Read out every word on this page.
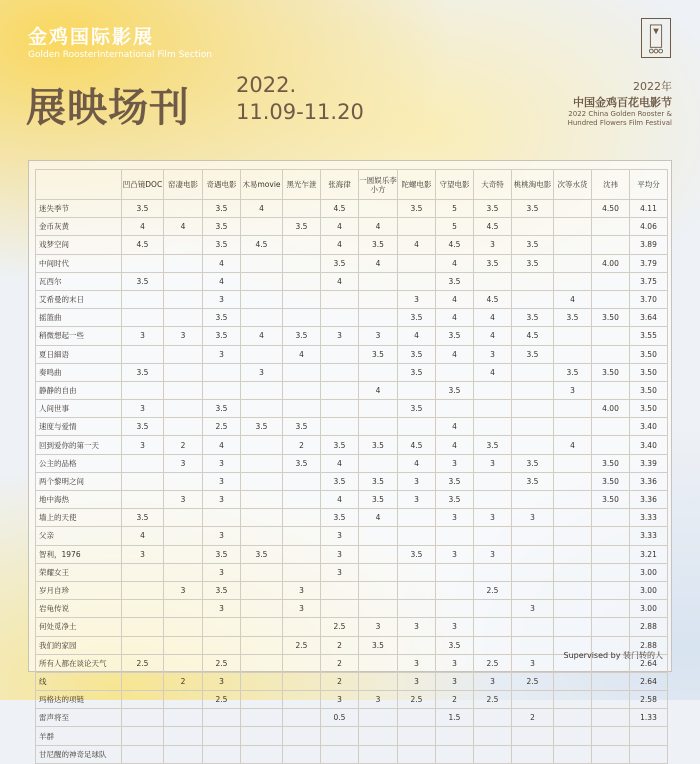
金鸡国际影展
Golden RoosterInternational Film Section
展映场刊 2022.
11.09-11.20
2022年
中国金鸡百花电影节
2022 China Golden Rooster &
Hundred Flowers Film Festival
	凹凸镜DOC	窑凄电影	奇遇电影	木易movie	黑光乍泄	张海律	一圆娱乐李小方	陀螺电影	守望电影	大奇特	桃桃淘电影	次等水货	沈祎	平均分
迷失季节	3.5		3.5	4		4.5		3.5	5	3.5	3.5		4.50	4.11
金币灰黄	4	4	3.5		3.5	4	4		5	4.5				4.06
戏梦空间	4.5		3.5	4.5		4	3.5	4	4.5	3	3.5			3.89
中间时代			4			3.5	4		4	3.5	3.5		4.00	3.79
瓦西尔	3.5		4			4			3.5					3.75
艾希曼的末日			3					3	4	4.5		4		3.70
摇篮曲			3.5					3.5	4	4	3.5	3.5	3.50	3.64
稍微想起一些	3	3	3.5	4	3.5	3	3	4	3.5	4	4.5			3.55
夏日細语			3		4		3.5	3.5	4	3	3.5			3.50
奏鸣曲	3.5			3				3.5		4		3.5	3.50	3.50
静静的自由							4		3.5			3		3.50
人间世事	3		3.5					3.5					4.00	3.50
速度与爱情	3.5		2.5	3.5	3.5				4					3.40
回到爱你的第一天	3	2	4		2	3.5	3.5	4.5	4	3.5		4		3.40
公主的品格		3	3		3.5	4		4	3	3	3.5		3.50	3.39
两个黎明之间			3			3.5	3.5	3	3.5		3.5		3.50	3.36
地中海热		3	3			4	3.5	3	3.5				3.50	3.36
墙上的天使	3.5					3.5	4		3	3	3			3.33
父亲	4		3			3								3.33
智利，1976	3		3.5	3.5		3		3.5	3	3				3.21
荣耀女王			3			3								3.00
岁月自珍		3	3.5		3					2.5				3.00
岩龟传说			3		3						3			3.00
何处觅净土						2.5	3	3	3					2.88
我们的家园					2.5	2	3.5		3.5					2.88
所有人都在谈论天气	2.5		2.5			2		3	3	2.5	3			2.64
线		2	3			2		3	3	3	2.5			2.64
玛格达的项链			2.5			3	3	2.5	2	2.5				2.58
雷声将至						0.5			1.5		2			1.33
羊群														
甘尼醒的神奇足球队														
Supervised by 装门转的人
